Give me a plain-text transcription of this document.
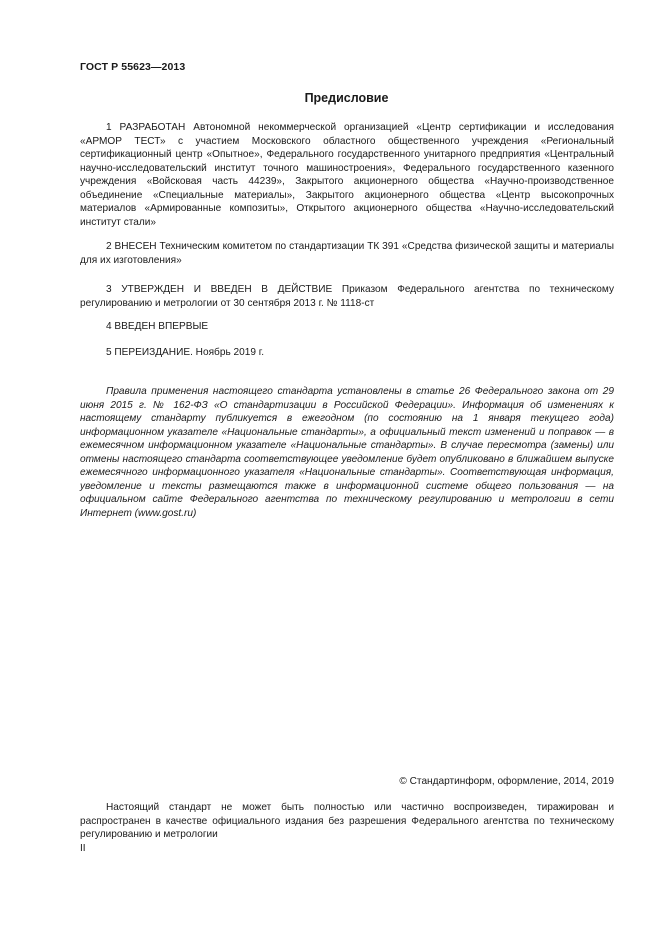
ГОСТ Р 55623—2013
Предисловие

1 РАЗРАБОТАН Автономной некоммерческой организацией «Центр сертификации и исследования «АРМОР ТЕСТ» с участием Московского областного общественного учреждения «Региональный сертификационный центр «Опытное», Федерального государственного унитарного предприятия «Центральный научно-исследовательский институт точного машиностроения», Федерального государственного казенного учреждения «Войсковая часть 44239», Закрытого акционерного общества «Научно-производственное объединение «Специальные материалы», Закрытого акционерного общества «Центр высокопрочных материалов «Армированные композиты», Открытого акционерного общества «Научно-исследовательский институт стали»

2 ВНЕСЕН Техническим комитетом по стандартизации ТК 391 «Средства физической защиты и материалы для их изготовления»

3 УТВЕРЖДЕН И ВВЕДЕН В ДЕЙСТВИЕ Приказом Федерального агентства по техническому регулированию и метрологии от 30 сентября 2013 г. № 1118-ст

4 ВВЕДЕН ВПЕРВЫЕ

5 ПЕРЕИЗДАНИЕ. Ноябрь 2019 г.

Правила применения настоящего стандарта установлены в статье 26 Федерального закона от 29 июня 2015 г. № 162-ФЗ «О стандартизации в Российской Федерации». Информация об изменениях к настоящему стандарту публикуется в ежегодном (по состоянию на 1 января текущего года) информационном указателе «Национальные стандарты», а официальный текст изменений и поправок — в ежемесячном информационном указателе «Национальные стандарты». В случае пересмотра (замены) или отмены настоящего стандарта соответствующее уведомление будет опубликовано в ближайшем выпуске ежемесячного информационного указателя «Национальные стандарты». Соответствующая информация, уведомление и тексты размещаются также в информационной системе общего пользования — на официальном сайте Федерального агентства по техническому регулированию и метрологии в сети Интернет (www.gost.ru)

© Стандартинформ, оформление, 2014, 2019

Настоящий стандарт не может быть полностью или частично воспроизведен, тиражирован и распространен в качестве официального издания без разрешения Федерального агентства по техническому регулированию и метрологии

II
